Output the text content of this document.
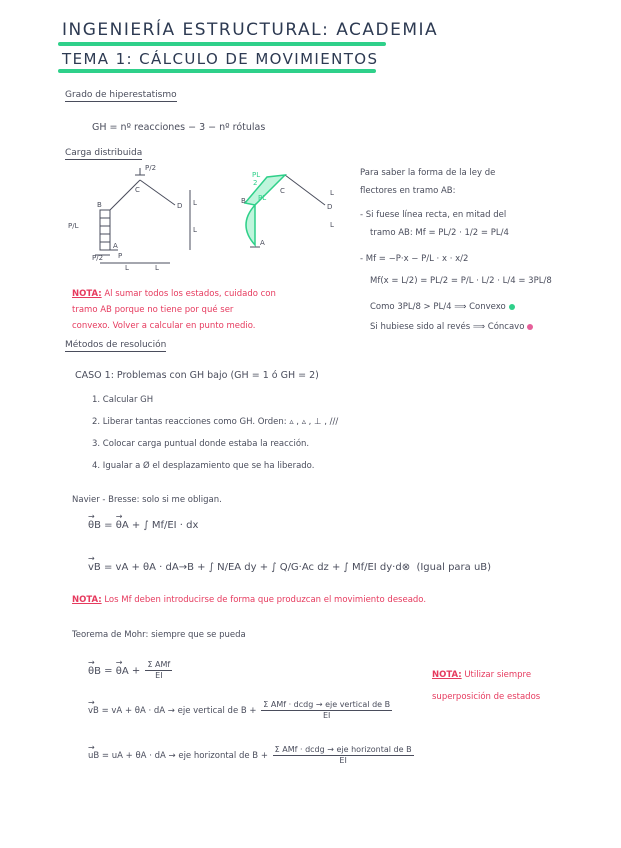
INGENIERÍA ESTRUCTURAL: ACADEMIA
TEMA 1: CÁLCULO DE MOVIMIENTOS
Grado de hiperestatismo
GH = nº reacciones − 3 − nº rótulas
Carga distribuida
P/2
C
D
B	L
L
P/L
A
P/2 P
L	L
PL
2
C
D
B PL
A
L
L
Para saber la forma de la ley de
flectores en tramo AB:
- Si fuese línea recta, en mitad del
tramo AB: Mf = PL/2 · 1/2 = PL/4
- Mf = −P·x − P/L · x · x/2
Mf(x = L/2) = PL/2 = P/L · L/2 · L/4 = 3PL/8
Como 3PL/8 > PL/4 ⟹ Convexo
Si hubiese sido al revés ⟹ Cóncavo
NOTA: Al sumar todos los estados, cuidado con
tramo AB porque no tiene por qué ser
convexo. Volver a calcular en punto medio.
Métodos de resolución
CASO 1: Problemas con GH bajo (GH = 1 ó GH = 2)
1. Calcular GH
2. Liberar tantas reacciones como GH. Orden: ▵ , ▵ , ⊥ , ///
3. Colocar carga puntual donde estaba la reacción.
4. Igualar a Ø el desplazamiento que se ha liberado.
Navier - Bresse: solo si me obligan.
→ θB = → θA + ∫ Mf/EI · dx
→ vB = vA + θA · dA→B + ∫ N/EA dy + ∫ Q/G·Ac dz + ∫ Mf/EI dy·d⊗ (Igual para uB)
NOTA: Los Mf deben introducirse de forma que produzcan el movimiento deseado.
Teorema de Mohr: siempre que se pueda
→ θB = → $\theta A + \frac{\text{Σ AMf}}{EI}$
→ vB = vA + θA · dA → eje vertical de $B + \frac{\text{Σ AMf · dcdg → eje vertical de B}}{EI}$
→ uB = uA + θA · dA → eje horizontal de $B + \frac{\text{Σ AMf · dcdg → eje horizontal de B}}{EI}$
NOTA: Utilizar siempre
superposición de estados
